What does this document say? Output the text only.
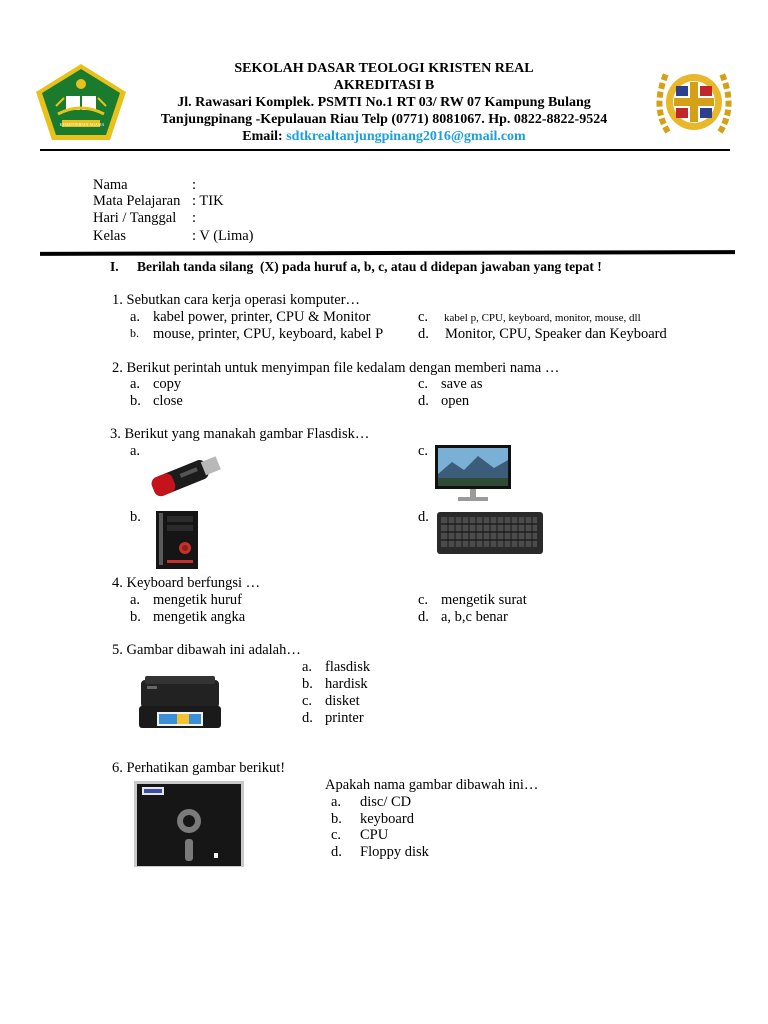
KEMENTERIAN AGAMA
SEKOLAH DASAR TEOLOGI KRISTEN REAL
AKREDITASI B
Jl. Rawasari Komplek. PSMTI No.1 RT 03/ RW 07 Kampung Bulang
Tanjungpinang -Kepulauan Riau Telp (0771) 8081067. Hp. 0822-8822-9524
Email: sdtkrealtanjungpinang2016@gmail.com
Nama	:
Mata Pelajaran : TIK
Hari / Tanggal :
Kelas	: V (Lima)
I. Berilah tanda silang  (X) pada huruf a, b, c, atau d didepan jawaban yang tepat !
1. Sebutkan cara kerja operasi komputer…
a. kabel power, printer, CPU & Monitor
b. mouse, printer, CPU, keyboard, kabel P
c. kabel p, CPU, keyboard, monitor, mouse, dll
d. Monitor, CPU, Speaker dan Keyboard
2. Berikut perintah untuk menyimpan file kedalam dengan memberi nama …
a. copy
b. close
c. save as
d. open
3. Berikut yang manakah gambar Flasdisk…
a.
b.
c.
d.
4. Keyboard berfungsi …
a. mengetik huruf
b. mengetik angka
c. mengetik surat
d. a, b,c benar
5. Gambar dibawah ini adalah…
a. flasdisk
b. hardisk
c. disket
d. printer
6. Perhatikan gambar berikut!
Apakah nama gambar dibawah ini…
a. disc/ CD
b. keyboard
c. CPU
d. Floppy disk
